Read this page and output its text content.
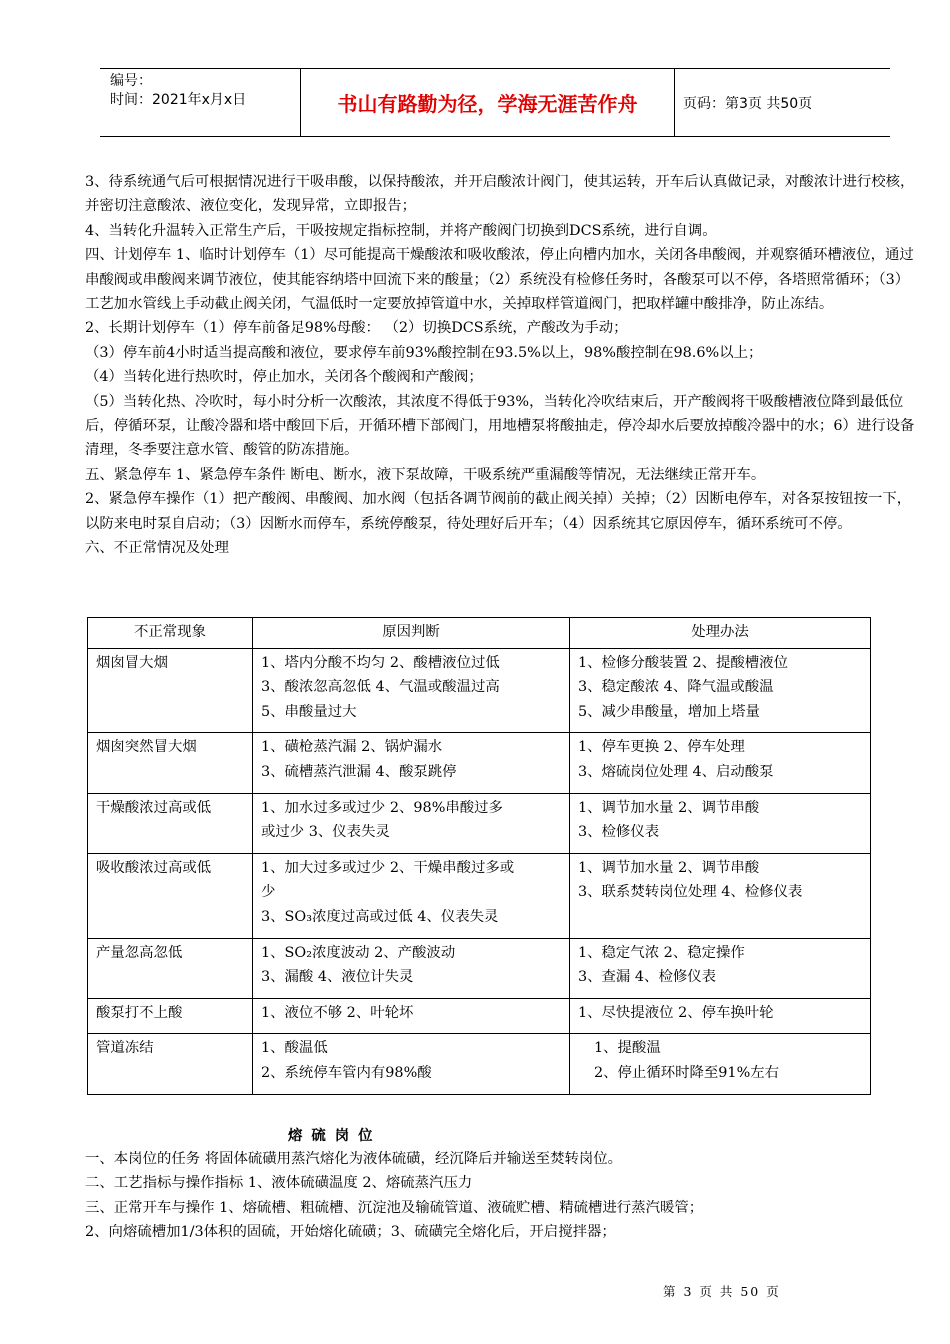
编号：
时间：2021年x月x日	书山有路勤为径，学海无涯苦作舟	页码：第3页 共50页

3、待系统通气后可根据情况进行干吸串酸，以保持酸浓，并开启酸浓计阀门，使其运转，开车后认真做记录，对酸浓计进行校核，并密切注意酸浓、液位变化，发现异常，立即报告；

4、当转化升温转入正常生产后，干吸按规定指标控制，并将产酸阀门切换到DCS系统，进行自调。

四、计划停车 1、临时计划停车（1）尽可能提高干燥酸浓和吸收酸浓，停止向槽内加水，关闭各串酸阀，并观察循环槽液位，通过串酸阀或串酸阀来调节液位，使其能容纳塔中回流下来的酸量；（2）系统没有检修任务时，各酸泵可以不停，各塔照常循环；（3）工艺加水管线上手动截止阀关闭，气温低时一定要放掉管道中水，关掉取样管道阀门，把取样罐中酸排净，防止冻结。

2、长期计划停车（1）停车前备足98%母酸： （2）切换DCS系统，产酸改为手动；

（3）停车前4小时适当提高酸和液位，要求停车前93%酸控制在93.5%以上，98%酸控制在98.6%以上；

（4）当转化进行热吹时，停止加水，关闭各个酸阀和产酸阀；

（5）当转化热、冷吹时，每小时分析一次酸浓，其浓度不得低于93%，当转化冷吹结束后，开产酸阀将干吸酸槽液位降到最低位后，停循环泵，让酸冷器和塔中酸回下后，开循环槽下部阀门，用地槽泵将酸抽走，停冷却水后要放掉酸冷器中的水；6）进行设备清理，冬季要注意水管、酸管的防冻措施。

五、紧急停车 1、紧急停车条件 断电、断水，液下泵故障，干吸系统严重漏酸等情况，无法继续正常开车。

2、紧急停车操作（1）把产酸阀、串酸阀、加水阀（包括各调节阀前的截止阀关掉）关掉；（2）因断电停车，对各泵按钮按一下，以防来电时泵自启动；（3）因断水而停车，系统停酸泵，待处理好后开车；（4）因系统其它原因停车，循环系统可不停。

六、不正常情况及处理

不正常现象	原因判断	处理办法
烟囱冒大烟	1、塔内分酸不均匀 2、酸槽液位过低
3、酸浓忽高忽低 4、气温或酸温过高
5、串酸量过大	1、检修分酸装置 2、提酸槽液位
3、稳定酸浓 4、降气温或酸温
5、减少串酸量，增加上塔量

烟囱突然冒大烟	1、磺枪蒸汽漏 2、锅炉漏水
3、硫槽蒸汽泄漏 4、酸泵跳停	1、停车更换 2、停车处理
3、熔硫岗位处理 4、启动酸泵

干燥酸浓过高或低	1、加水过多或过少 2、98%串酸过多
或过少 3、仪表失灵	1、调节加水量 2、调节串酸
3、检修仪表

吸收酸浓过高或低	1、加大过多或过少 2、干燥串酸过多或
少
3、SO₃浓度过高或过低 4、仪表失灵	1、调节加水量 2、调节串酸
3、联系焚转岗位处理 4、检修仪表

产量忽高忽低	1、SO₂浓度波动 2、产酸波动
3、漏酸 4、液位计失灵	1、稳定气浓 2、稳定操作
3、查漏 4、检修仪表

酸泵打不上酸	1、液位不够 2、叶轮坏	1、尽快提液位 2、停车换叶轮

管道冻结	1、酸温低
2、系统停车管内有98%酸	1、提酸温
2、停止循环时降至91%左右
熔硫岗位

一、本岗位的任务 将固体硫磺用蒸汽熔化为液体硫磺，经沉降后并输送至焚转岗位。

二、工艺指标与操作指标 1、液体硫磺温度 2、熔硫蒸汽压力

三、正常开车与操作 1、熔硫槽、粗硫槽、沉淀池及输硫管道、液硫贮槽、精硫槽进行蒸汽暖管；

2、向熔硫槽加1/3体积的固硫，开始熔化硫磺；3、硫磺完全熔化后，开启搅拌器；

第 3 页 共 50 页
